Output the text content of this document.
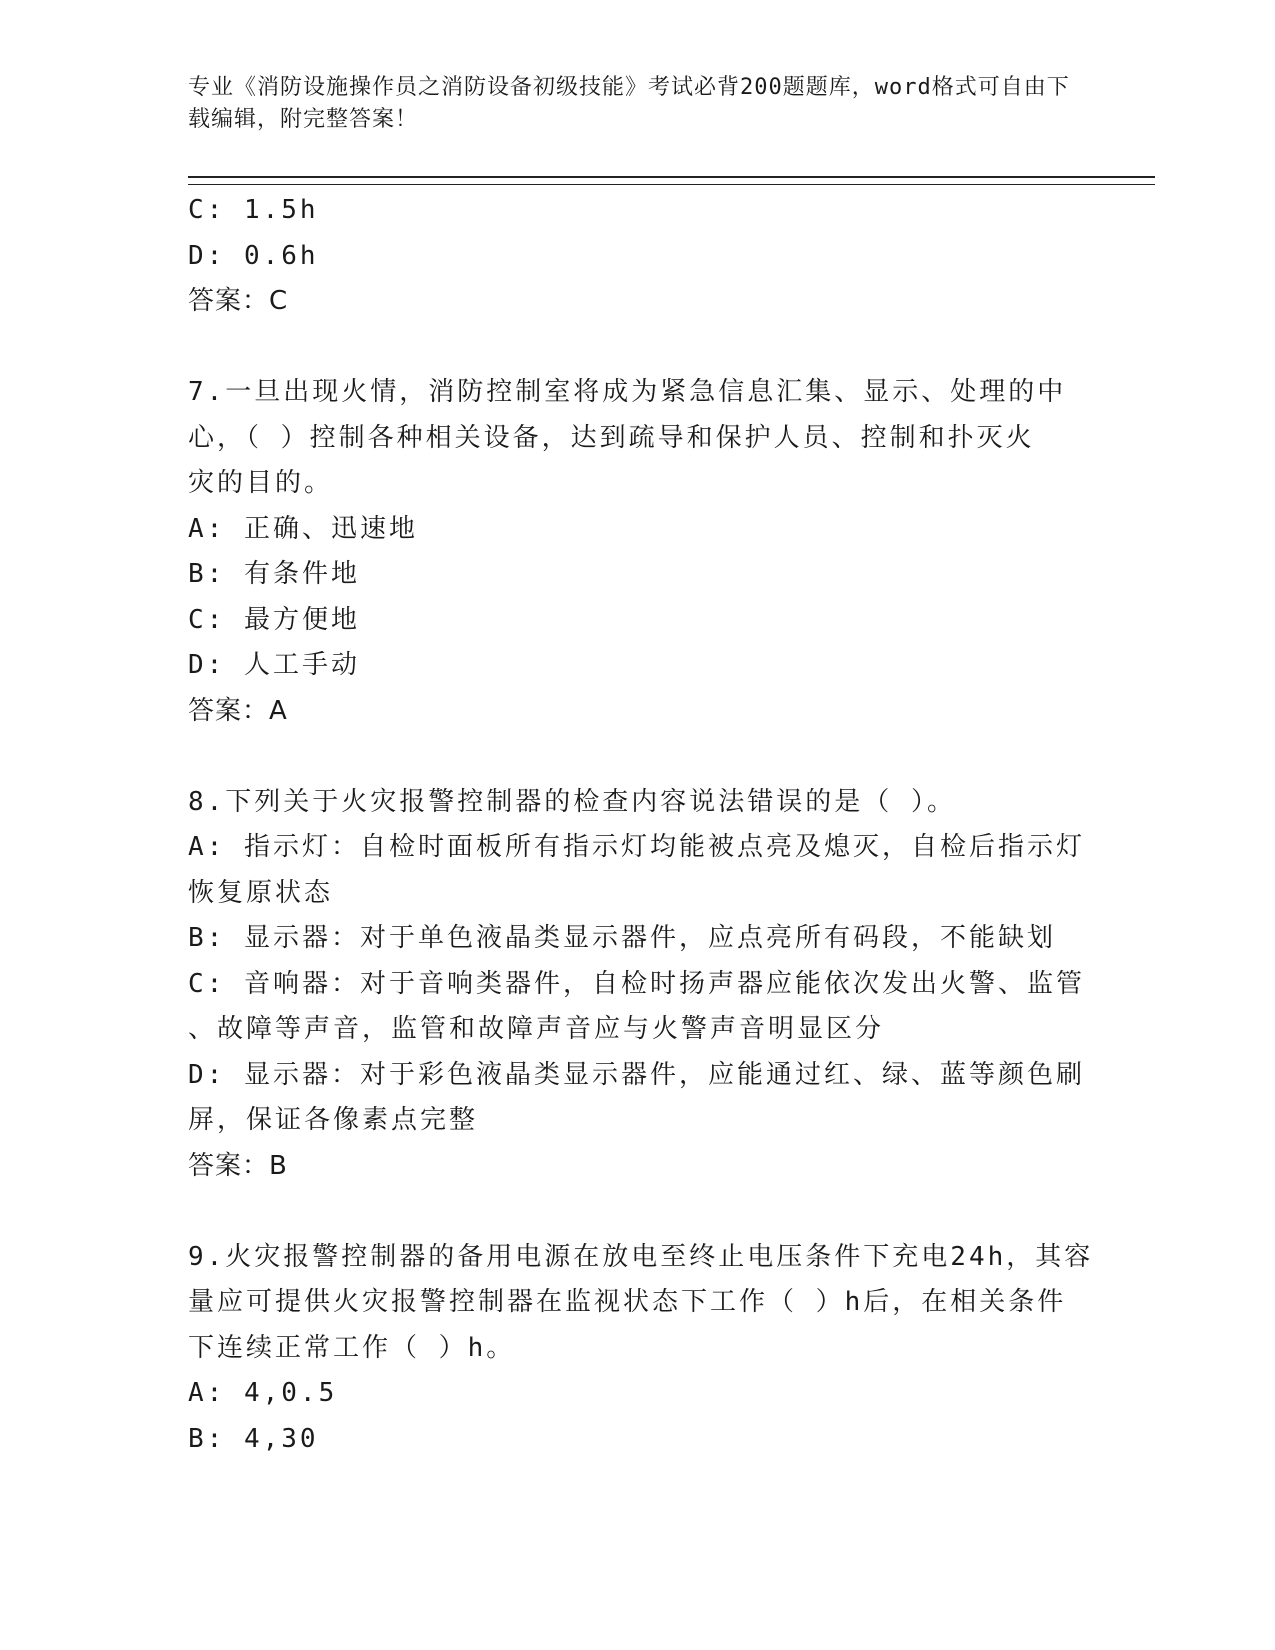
专业《消防设施操作员之消防设备初级技能》考试必背200题题库，word格式可自由下载编辑，附完整答案！
C: 1.5h
D: 0.6h
答案：C
7.一旦出现火情，消防控制室将成为紧急信息汇集、显示、处理的中
心，（ ）控制各种相关设备，达到疏导和保护人员、控制和扑灭火
灾的目的。
A: 正确、迅速地
B: 有条件地
C: 最方便地
D: 人工手动
答案：A
8.下列关于火灾报警控制器的检查内容说法错误的是（ ）。
A: 指示灯：自检时面板所有指示灯均能被点亮及熄灭，自检后指示灯
恢复原状态
B: 显示器：对于单色液晶类显示器件，应点亮所有码段，不能缺划
C: 音响器：对于音响类器件，自检时扬声器应能依次发出火警、监管
、故障等声音，监管和故障声音应与火警声音明显区分
D: 显示器：对于彩色液晶类显示器件，应能通过红、绿、蓝等颜色刷
屏，保证各像素点完整
答案：B
9.火灾报警控制器的备用电源在放电至终止电压条件下充电24h，其容
量应可提供火灾报警控制器在监视状态下工作（ ）h后，在相关条件
下连续正常工作（ ）h。
A: 4,0.5
B: 4,30
